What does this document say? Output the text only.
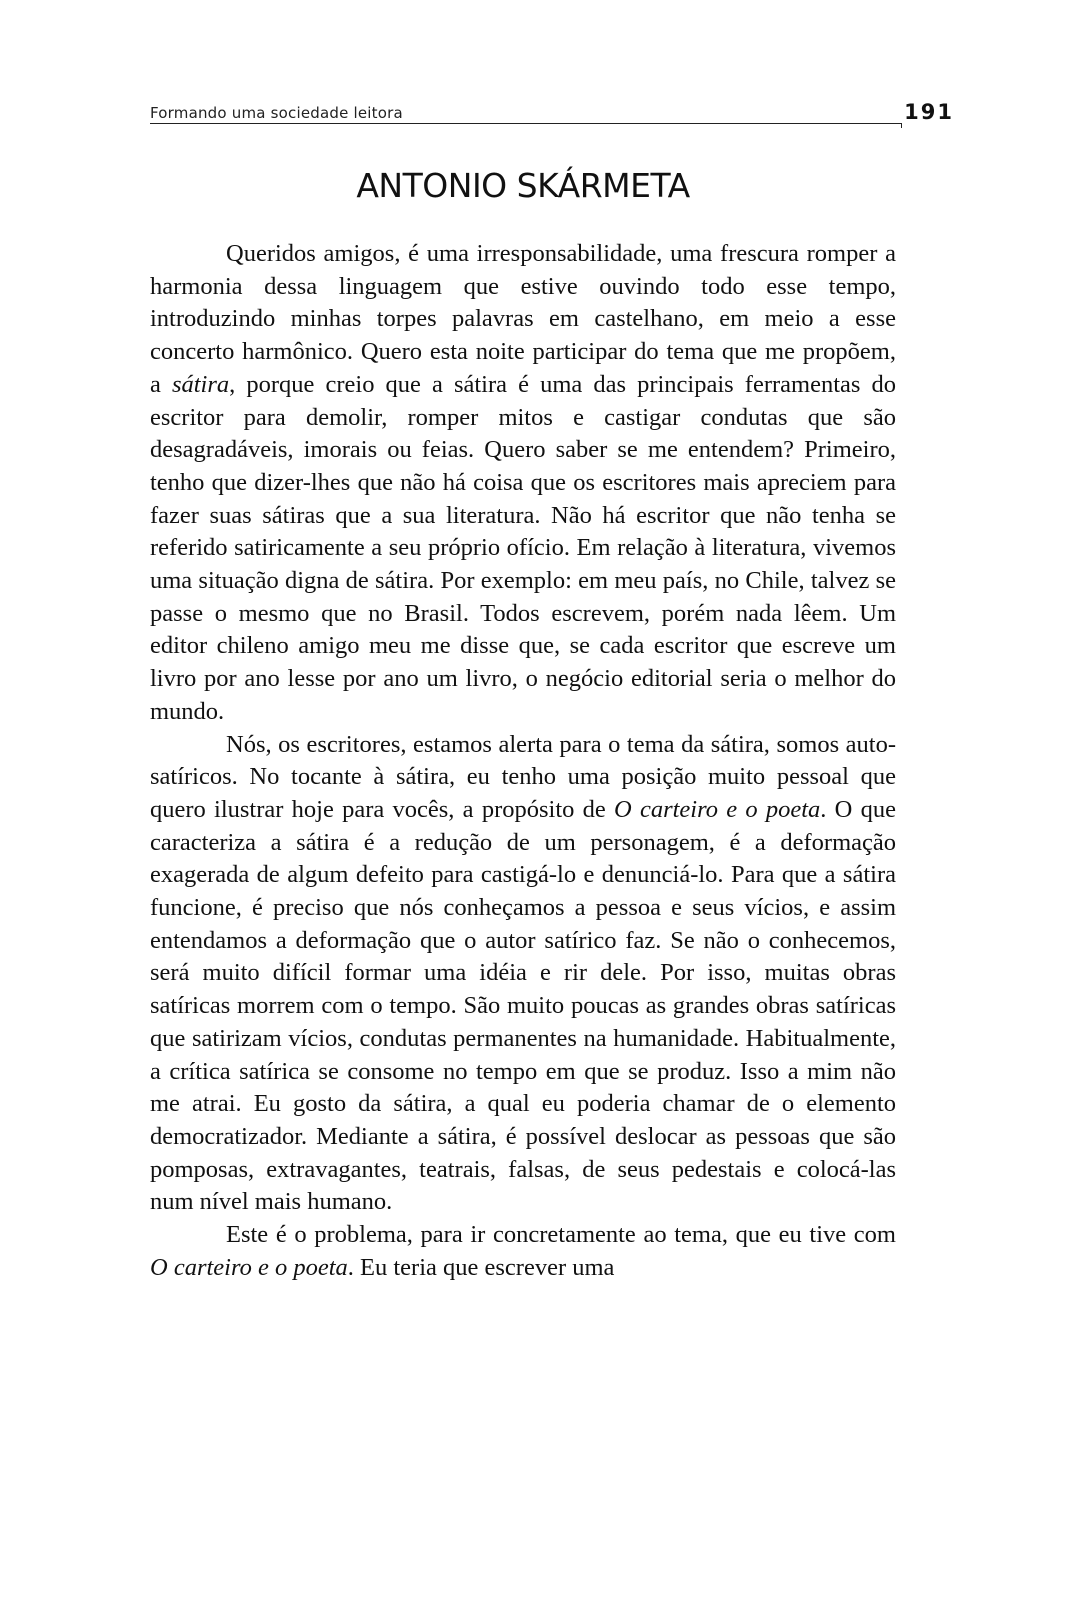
Formando uma sociedade leitora	191
ANTONIO SKÁRMETA

Queridos amigos, é uma irresponsabilidade, uma frescura romper a harmonia dessa linguagem que estive ouvindo todo esse tempo, introduzindo minhas torpes palavras em castelhano, em meio a esse concerto harmônico. Quero esta noite participar do tema que me propõem, a sátira, porque creio que a sátira é uma das principais ferramentas do escritor para demolir, romper mitos e castigar condutas que são desagradáveis, imorais ou feias. Quero saber se me entendem? Primeiro, tenho que dizer-lhes que não há coisa que os escritores mais apreciem para fazer suas sátiras que a sua literatura. Não há escritor que não tenha se referido satiricamente a seu próprio ofício. Em relação à literatura, vivemos uma situação digna de sátira. Por exemplo: em meu país, no Chile, talvez se passe o mesmo que no Brasil. Todos escrevem, porém nada lêem. Um editor chileno amigo meu me disse que, se cada escritor que escreve um livro por ano lesse por ano um livro, o negócio editorial seria o melhor do mundo.

Nós, os escritores, estamos alerta para o tema da sátira, somos auto-satíricos. No tocante à sátira, eu tenho uma posição muito pessoal que quero ilustrar hoje para vocês, a propósito de O carteiro e o poeta. O que caracteriza a sátira é a redução de um personagem, é a deformação exagerada de algum defeito para castigá-lo e denunciá-lo. Para que a sátira funcione, é preciso que nós conheçamos a pessoa e seus vícios, e assim entendamos a deformação que o autor satírico faz. Se não o conhecemos, será muito difícil formar uma idéia e rir dele. Por isso, muitas obras satíricas morrem com o tempo. São muito poucas as grandes obras satíricas que satirizam vícios, condutas permanentes na humanidade. Habitualmente, a crítica satírica se consome no tempo em que se produz. Isso a mim não me atrai. Eu gosto da sátira, a qual eu poderia chamar de o elemento democratizador. Mediante a sátira, é possível deslocar as pessoas que são pomposas, extravagantes, teatrais, falsas, de seus pedestais e colocá-las num nível mais humano.

Este é o problema, para ir concretamente ao tema, que eu tive com O carteiro e o poeta. Eu teria que escrever uma
